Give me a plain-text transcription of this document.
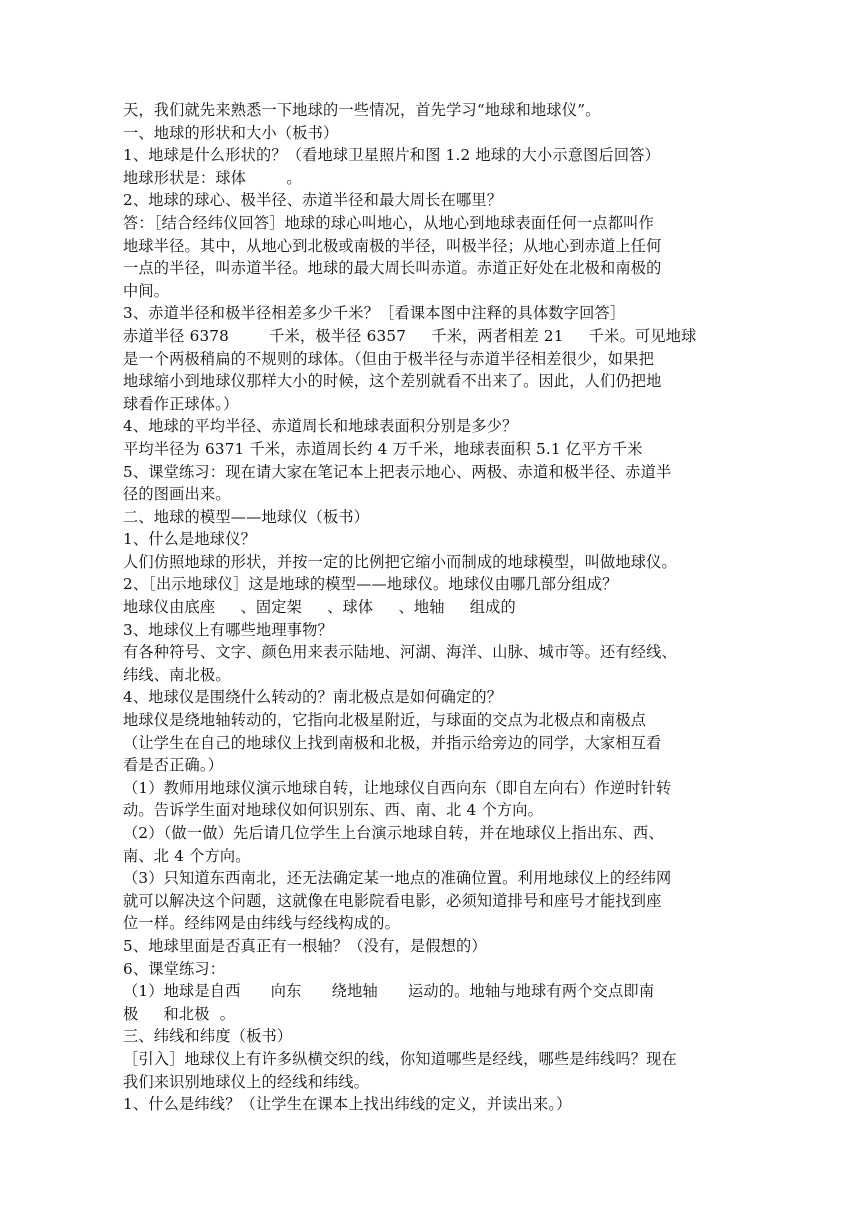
天，我们就先来熟悉一下地球的一些情况，首先学习“地球和地球仪”。
一、地球的形状和大小（板书）
1、地球是什么形状的？（看地球卫星照片和图 1.2 地球的大小示意图后回答）
地球形状是：球体        。
2、地球的球心、极半径、赤道半径和最大周长在哪里？
答：［结合经纬仪回答］地球的球心叫地心，从地心到地球表面任何一点都叫作
地球半径。其中，从地心到北极或南极的半径，叫极半径；从地心到赤道上任何
一点的半径，叫赤道半径。地球的最大周长叫赤道。赤道正好处在北极和南极的
中间。
3、赤道半径和极半径相差多少千米？［看课本图中注释的具体数字回答］
赤道半径 6378        千米，极半径 6357     千米，两者相差 21     千米。可见地球
是一个两极稍扁的不规则的球体。（但由于极半径与赤道半径相差很少，如果把
地球缩小到地球仪那样大小的时候，这个差别就看不出来了。因此，人们仍把地
球看作正球体。）
4、地球的平均半径、赤道周长和地球表面积分别是多少？
平均半径为 6371 千米，赤道周长约 4 万千米，地球表面积 5.1 亿平方千米
5、课堂练习：现在请大家在笔记本上把表示地心、两极、赤道和极半径、赤道半
径的图画出来。
二、地球的模型——地球仪（板书）
1、什么是地球仪？
人们仿照地球的形状，并按一定的比例把它缩小而制成的地球模型，叫做地球仪。
2、［出示地球仪］这是地球的模型——地球仪。地球仪由哪几部分组成？
地球仪由底座     、固定架     、球体     、地轴     组成的
3、地球仪上有哪些地理事物？
有各种符号、文字、颜色用来表示陆地、河湖、海洋、山脉、城市等。还有经线、
纬线、南北极。
4、地球仪是围绕什么转动的？南北极点是如何确定的？
地球仪是绕地轴转动的，它指向北极星附近，与球面的交点为北极点和南极点
（让学生在自己的地球仪上找到南极和北极，并指示给旁边的同学，大家相互看
看是否正确。）
（1）教师用地球仪演示地球自转，让地球仪自西向东（即自左向右）作逆时针转
动。告诉学生面对地球仪如何识别东、西、南、北 4 个方向。
（2）（做一做）先后请几位学生上台演示地球自转，并在地球仪上指出东、西、
南、北 4 个方向。
（3）只知道东西南北，还无法确定某一地点的准确位置。利用地球仪上的经纬网
就可以解决这个问题，这就像在电影院看电影，必须知道排号和座号才能找到座
位一样。经纬网是由纬线与经线构成的。
5、地球里面是否真正有一根轴？（没有，是假想的）
6、课堂练习：
（1）地球是自西      向东      绕地轴      运动的。地轴与地球有两个交点即南
极     和北极  。
三、纬线和纬度（板书）
［引入］地球仪上有许多纵横交织的线，你知道哪些是经线，哪些是纬线吗？现在
我们来识别地球仪上的经线和纬线。
1、什么是纬线？（让学生在课本上找出纬线的定义，并读出来。）
